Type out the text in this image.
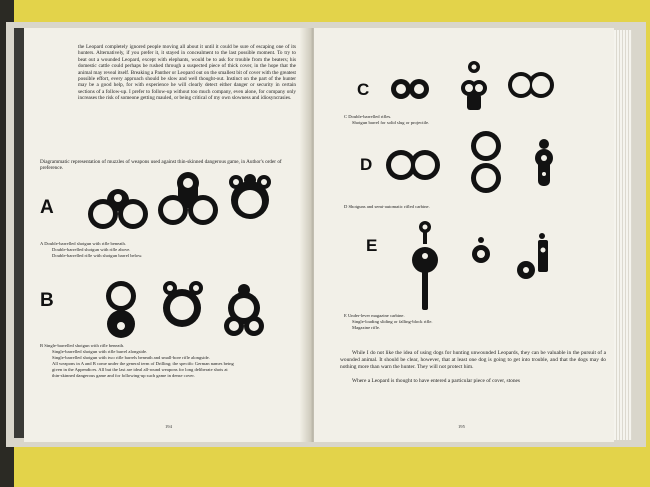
the Leopard completely ignored people moving all about it until it could be sure of escaping one of its hunters. Alternatively, if you prefer it, it stayed in concealment to the last possible moment. To try to beat out a wounded Leopard, except with elephants, would be to ask for trouble from the beaters; his domestic cattle could perhaps be rushed through a suspected piece of thick cover, in the hope that the animal may reveal itself. Breaking a Panther or Leopard out on the smallest bit of cover with the greatest possible effort, every approach should be slow and well thought-out. Instinct on the part of the hunter may be a good help, for with experience he will clearly detect either danger or security in certain sections of a follow-up. I prefer to follow-up without too much company, even alone, for company only increases the risk of someone getting mauled, or being critical of my own slowness and idiosyncrasies.
Diagrammatic representation of muzzles of weapons used against thin-skinned dangerous game, in Author's order of preference.
A
A Double-barrelled shotgun with rifle beneath.
Double-barrelled shotgun with rifle above.
Double-barrelled rifle with shotgun barrel below.
B
B Single-barrelled shotgun with rifle beneath.
Single-barrelled shotgun with rifle barrel alongside.
Single-barrelled shotgun with two rifle barrels beneath and small-bore rifle alongside.
All weapons in A and B come under the general term of Drilling; the specific German names being
given in the Appendices. All but the last are ideal all-round weapons for long deliberate shots at
thin-skinned dangerous game and for following-up such game in dense cover.
194
C
C Double-barrelled rifles.
Shotgun barrel for solid slug or projectile.
D
D Shotguns and semi-automatic rifled carbine.
E
E Under-lever magazine carbine.
Single-loading sliding or falling-block rifle.
Magazine rifle.
While I do not like the idea of using dogs for hunting unwounded Leopards, they can be valuable in the pursuit of a wounded animal. It should be clear, however, that at least one dog is going to get into trouble, and that the dogs may do nothing more than warn the hunter. They will not protect him.
Where a Leopard is thought to have entered a particular piece of cover, stones
195
